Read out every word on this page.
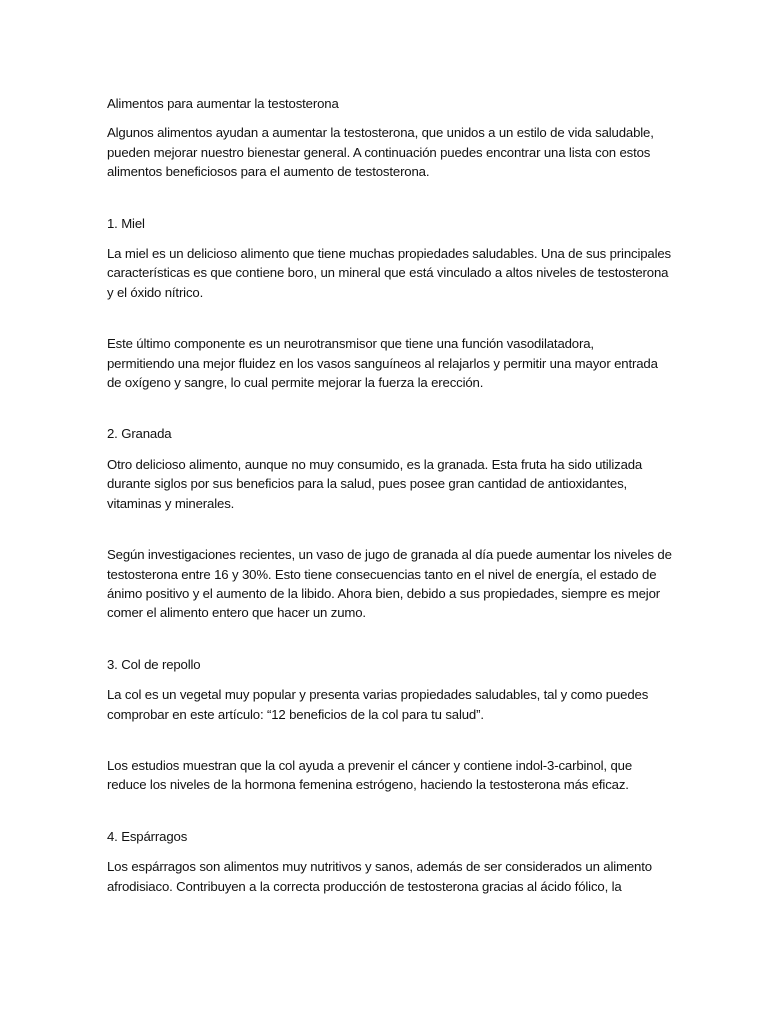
Alimentos para aumentar la testosterona
Algunos alimentos ayudan a aumentar la testosterona, que unidos a un estilo de vida saludable,
pueden mejorar nuestro bienestar general. A continuación puedes encontrar una lista con estos
alimentos beneficiosos para el aumento de testosterona.
1. Miel
La miel es un delicioso alimento que tiene muchas propiedades saludables. Una de sus principales
características es que contiene boro, un mineral que está vinculado a altos niveles de testosterona
y el óxido nítrico.
Este último componente es un neurotransmisor que tiene una función vasodilatadora,
permitiendo una mejor fluidez en los vasos sanguíneos al relajarlos y permitir una mayor entrada
de oxígeno y sangre, lo cual permite mejorar la fuerza la erección.
2. Granada
Otro delicioso alimento, aunque no muy consumido, es la granada. Esta fruta ha sido utilizada
durante siglos por sus beneficios para la salud, pues posee gran cantidad de antioxidantes,
vitaminas y minerales.
Según investigaciones recientes, un vaso de jugo de granada al día puede aumentar los niveles de
testosterona entre 16 y 30%. Esto tiene consecuencias tanto en el nivel de energía, el estado de
ánimo positivo y el aumento de la libido. Ahora bien, debido a sus propiedades, siempre es mejor
comer el alimento entero que hacer un zumo.
3. Col de repollo
La col es un vegetal muy popular y presenta varias propiedades saludables, tal y como puedes
comprobar en este artículo: “12 beneficios de la col para tu salud”.
Los estudios muestran que la col ayuda a prevenir el cáncer y contiene indol-3-carbinol, que
reduce los niveles de la hormona femenina estrógeno, haciendo la testosterona más eficaz.
4. Espárragos
Los espárragos son alimentos muy nutritivos y sanos, además de ser considerados un alimento
afrodisiaco. Contribuyen a la correcta producción de testosterona gracias al ácido fólico, la
